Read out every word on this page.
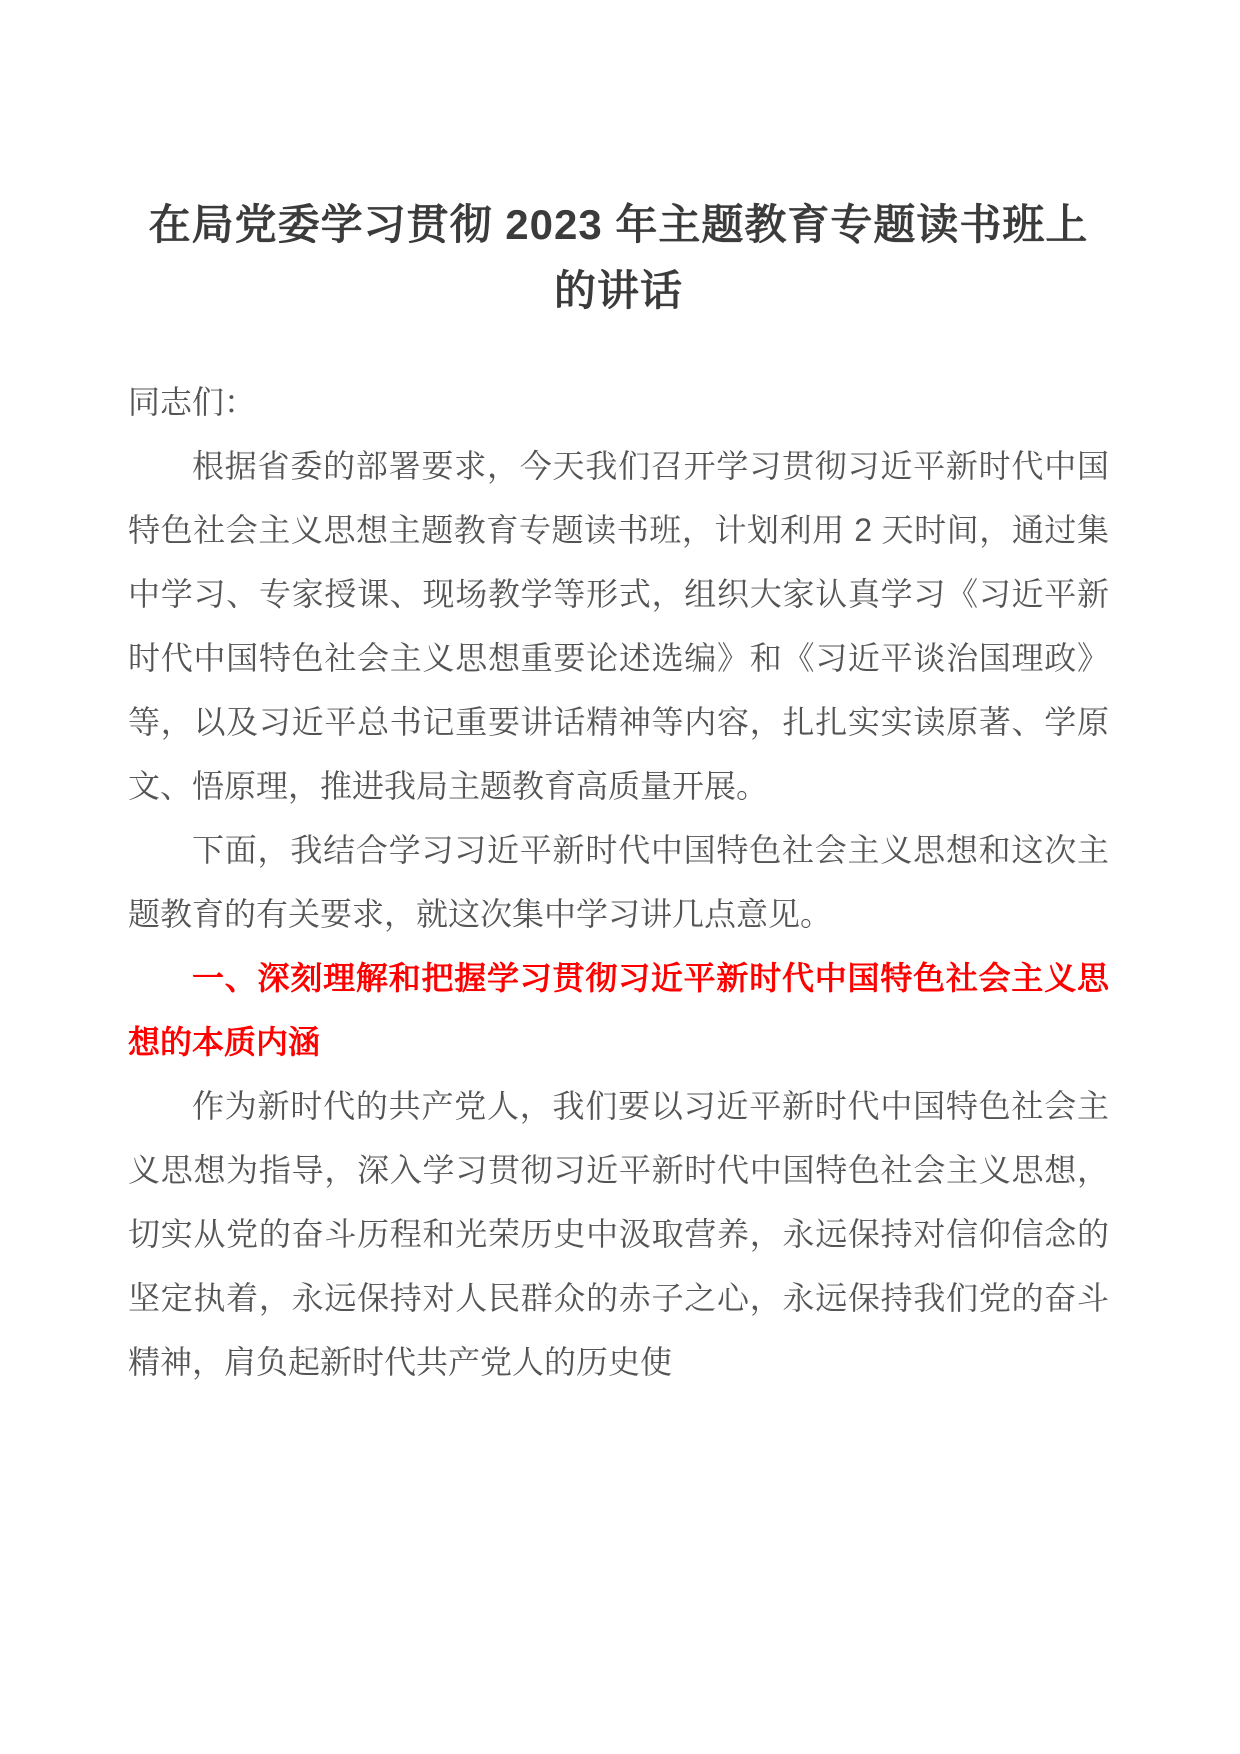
在局党委学习贯彻 2023 年主题教育专题读书班上的讲话

同志们：

根据省委的部署要求，今天我们召开学习贯彻习近平新时代中国特色社会主义思想主题教育专题读书班，计划利用 2 天时间，通过集中学习、专家授课、现场教学等形式，组织大家认真学习《习近平新时代中国特色社会主义思想重要论述选编》和《习近平谈治国理政》等，以及习近平总书记重要讲话精神等内容，扎扎实实读原著、学原文、悟原理，推进我局主题教育高质量开展。

下面，我结合学习习近平新时代中国特色社会主义思想和这次主题教育的有关要求，就这次集中学习讲几点意见。

一、深刻理解和把握学习贯彻习近平新时代中国特色社会主义思想的本质内涵

作为新时代的共产党人，我们要以习近平新时代中国特色社会主义思想为指导，深入学习贯彻习近平新时代中国特色社会主义思想，切实从党的奋斗历程和光荣历史中汲取营养，永远保持对信仰信念的坚定执着，永远保持对人民群众的赤子之心，永远保持我们党的奋斗精神，肩负起新时代共产党人的历史使
